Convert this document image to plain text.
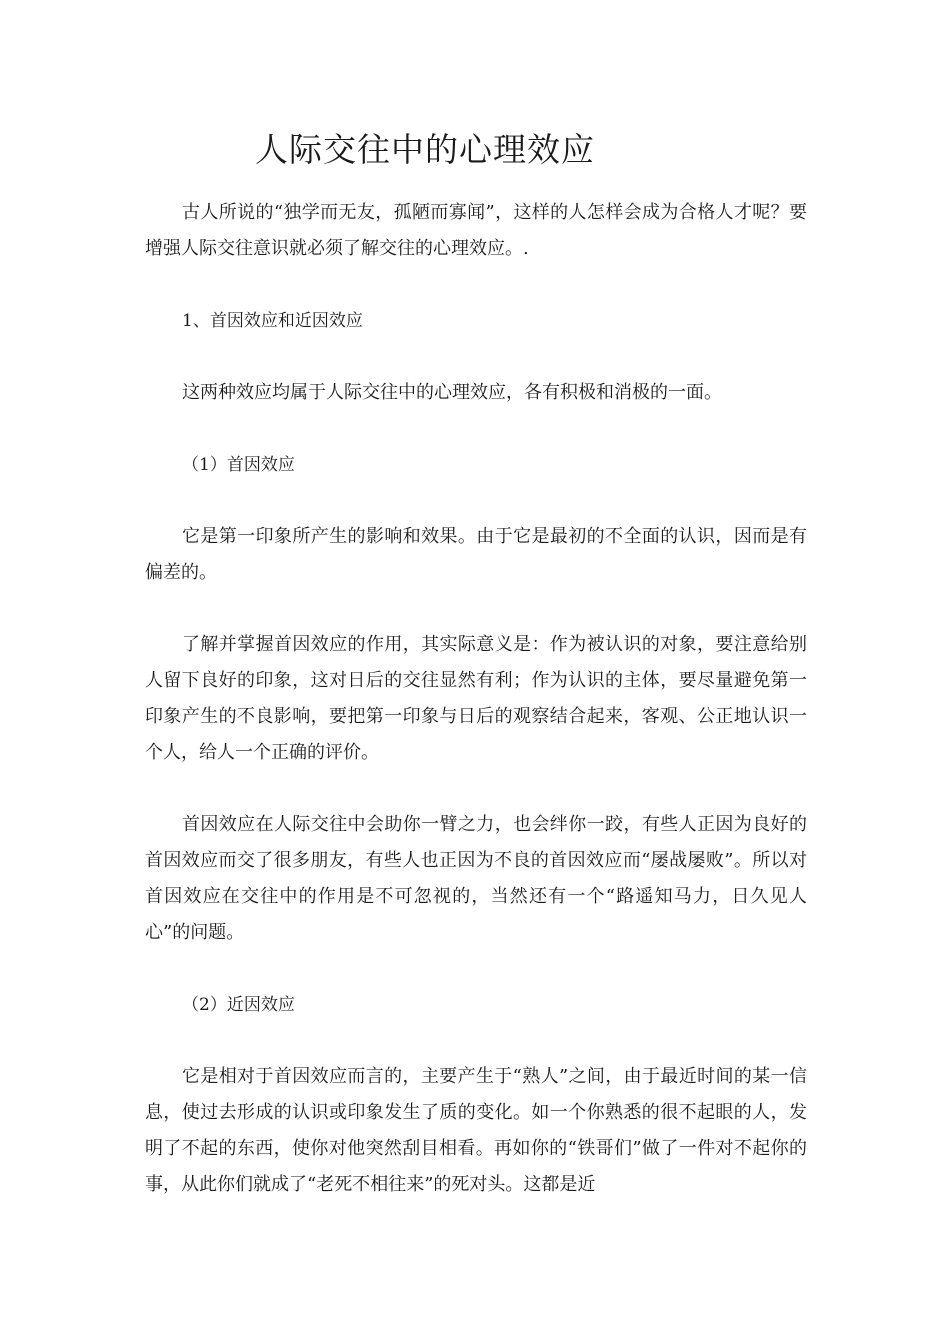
人际交往中的心理效应

古人所说的“独学而无友，孤陋而寡闻”，这样的人怎样会成为合格人才呢？要增强人际交往意识就必须了解交往的心理效应。.

1、首因效应和近因效应

这两种效应均属于人际交往中的心理效应，各有积极和消极的一面。

（1）首因效应

它是第一印象所产生的影响和效果。由于它是最初的不全面的认识，因而是有偏差的。

了解并掌握首因效应的作用，其实际意义是：作为被认识的对象，要注意给别人留下良好的印象，这对日后的交往显然有利；作为认识的主体，要尽量避免第一印象产生的不良影响，要把第一印象与日后的观察结合起来，客观、公正地认识一个人，给人一个正确的评价。

首因效应在人际交往中会助你一臂之力，也会绊你一跤，有些人正因为良好的首因效应而交了很多朋友，有些人也正因为不良的首因效应而“屡战屡败”。所以对首因效应在交往中的作用是不可忽视的，当然还有一个“路遥知马力，日久见人心”的问题。

（2）近因效应

它是相对于首因效应而言的，主要产生于“熟人”之间，由于最近时间的某一信息，使过去形成的认识或印象发生了质的变化。如一个你熟悉的很不起眼的人，发明了不起的东西，使你对他突然刮目相看。再如你的“铁哥们”做了一件对不起你的事，从此你们就成了“老死不相往来”的死对头。这都是近
